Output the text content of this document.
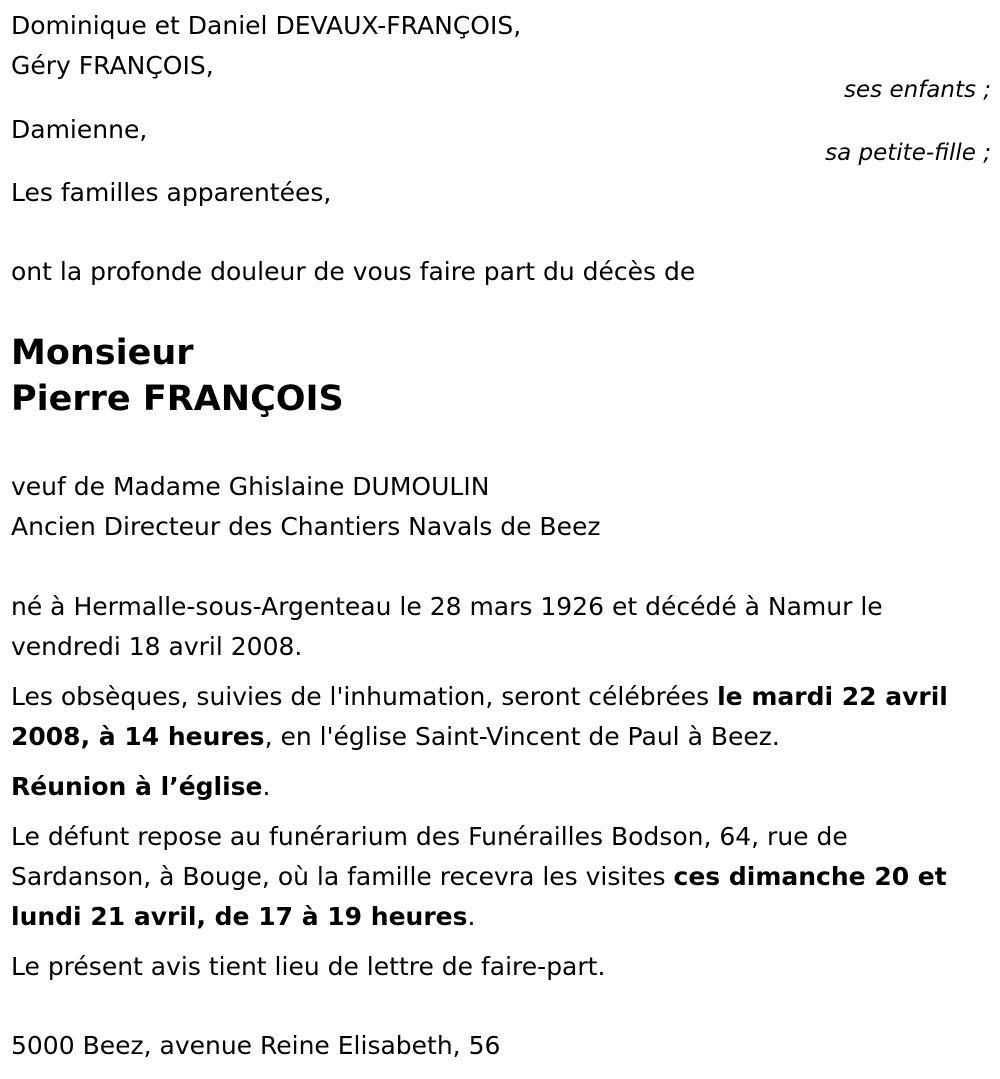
Dominique et Daniel DEVAUX-FRANÇOIS,
Géry FRANÇOIS,
ses enfants ;
Damienne,
sa petite-fille ;
Les familles apparentées,
ont la profonde douleur de vous faire part du décès de
Monsieur
Pierre FRANÇOIS
veuf de Madame Ghislaine DUMOULIN
Ancien Directeur des Chantiers Navals de Beez

né à Hermalle-sous-Argenteau le 28 mars 1926 et décédé à Namur le vendredi 18 avril 2008.

Les obsèques, suivies de l'inhumation, seront célébrées le mardi 22 avril 2008, à 14 heures, en l'église Saint-Vincent de Paul à Beez.

Réunion à l’église.

Le défunt repose au funérarium des Funérailles Bodson, 64, rue de Sardanson, à Bouge, où la famille recevra les visites ces dimanche 20 et lundi 21 avril, de 17 à 19 heures.

Le présent avis tient lieu de lettre de faire-part.

5000 Beez, avenue Reine Elisabeth, 56
